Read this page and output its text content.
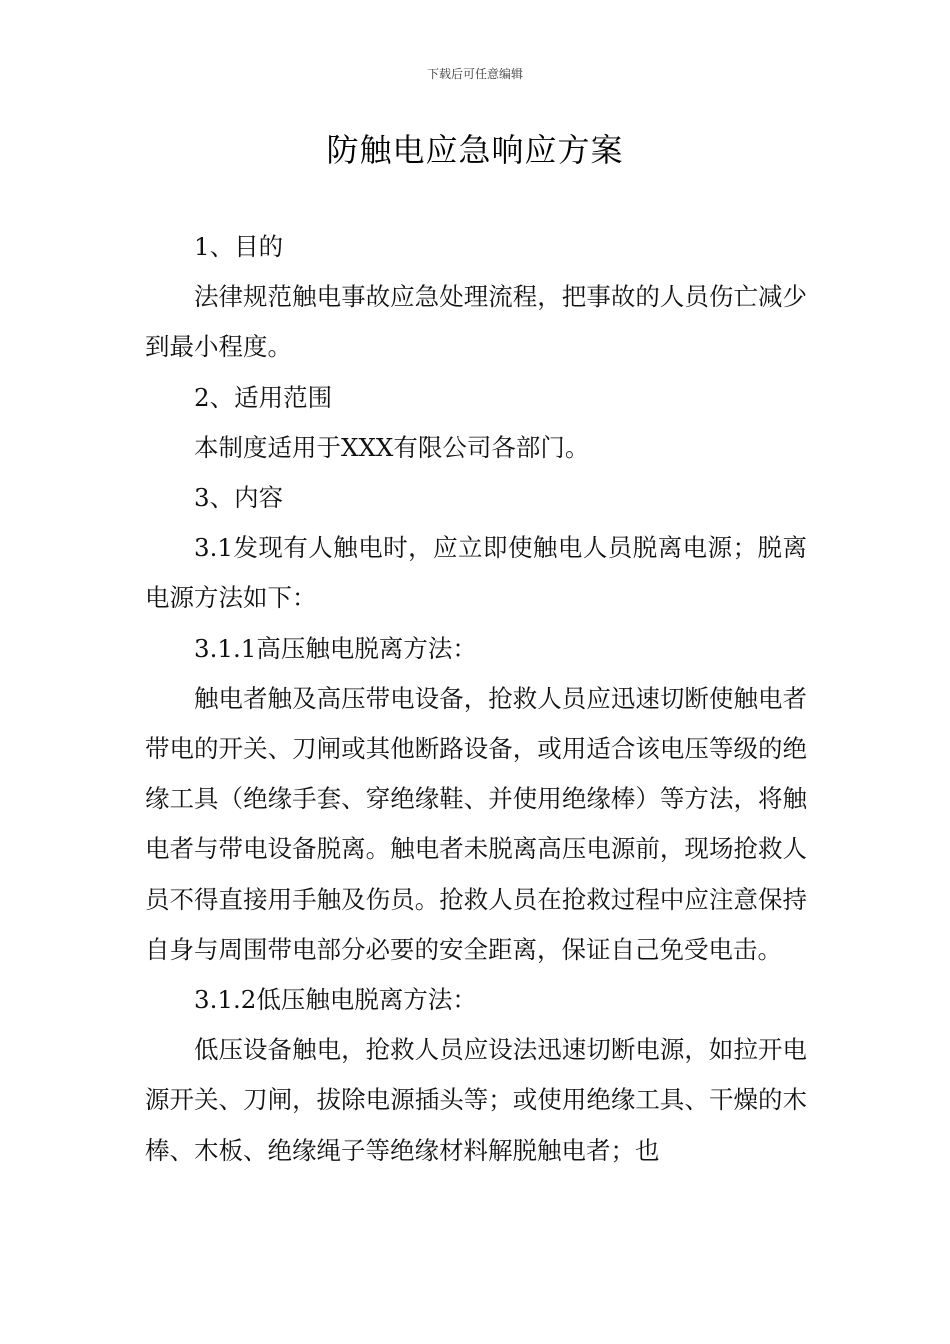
下载后可任意编辑
防触电应急响应方案

1、目的

法律规范触电事故应急处理流程，把事故的人员伤亡减少到最小程度。

2、适用范围

本制度适用于XXX有限公司各部门。

3、内容

3.1发现有人触电时，应立即使触电人员脱离电源；脱离电源方法如下：

3.1.1高压触电脱离方法：

触电者触及高压带电设备，抢救人员应迅速切断使触电者带电的开关、刀闸或其他断路设备，或用适合该电压等级的绝缘工具（绝缘手套、穿绝缘鞋、并使用绝缘棒）等方法，将触电者与带电设备脱离。触电者未脱离高压电源前，现场抢救人员不得直接用手触及伤员。抢救人员在抢救过程中应注意保持自身与周围带电部分必要的安全距离，保证自己免受电击。

3.1.2低压触电脱离方法：

低压设备触电，抢救人员应设法迅速切断电源，如拉开电源开关、刀闸，拔除电源插头等；或使用绝缘工具、干燥的木棒、木板、绝缘绳子等绝缘材料解脱触电者；也
